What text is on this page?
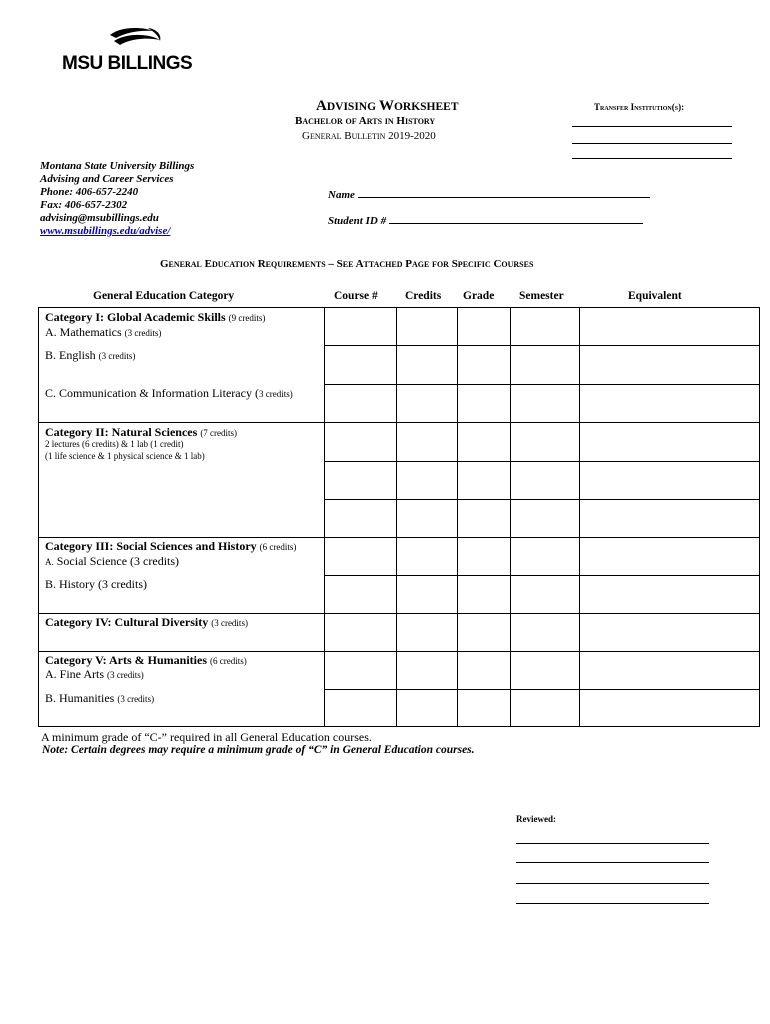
MSU BILLINGS
ADVISING WORKSHEET
Bachelor of Arts in History
General Bulletin 2019-2020
Transfer Institution(s):
Montana State University Billings
Advising and Career Services
Phone: 406-657-2240
Fax: 406-657-2302
advising@msubillings.edu
www.msubillings.edu/advise/
Name
Student ID #
General Education Requirements – See Attached Page for Specific Courses
General Education Category	Course # Credits Grade Semester	Equivalent
Category I: Global Academic Skills (9 credits)
A. Mathematics (3 credits)
B. English (3 credits)
C. Communication & Information Literacy (3 credits)
Category II: Natural Sciences (7 credits)
2 lectures (6 credits) & 1 lab (1 credit)
(1 life science & 1 physical science & 1 lab)
Category III: Social Sciences and History (6 credits)
A. Social Science (3 credits)
B. History (3 credits)
Category IV: Cultural Diversity (3 credits)
Category V: Arts & Humanities (6 credits)
A. Fine Arts (3 credits)
B. Humanities (3 credits)
A minimum grade of “C-” required in all General Education courses.
Note: Certain degrees may require a minimum grade of “C” in General Education courses.
Reviewed:
